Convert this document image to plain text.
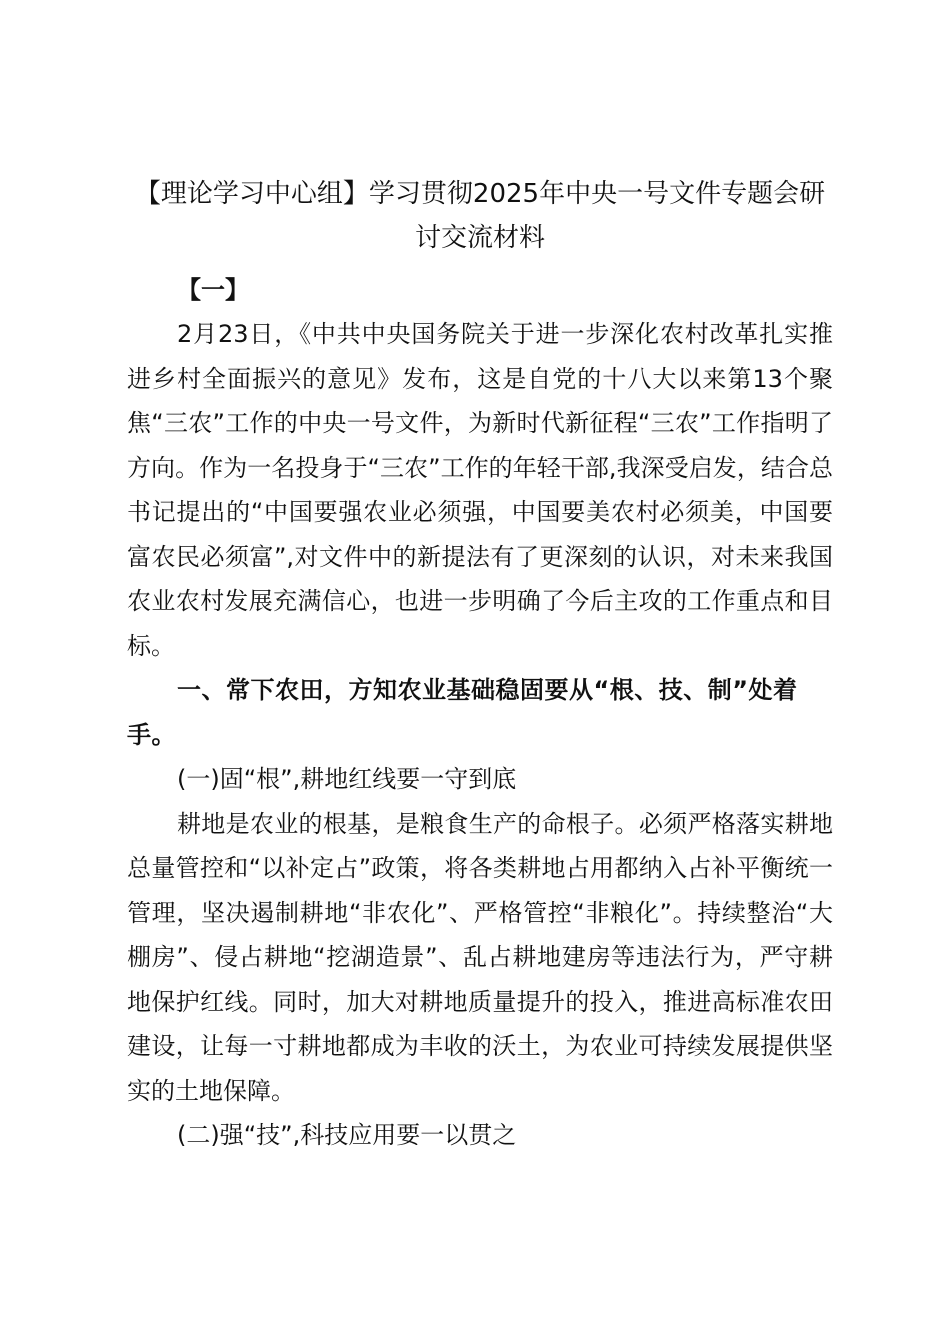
【理论学习中心组】学习贯彻2025年中央一号文件专题会研讨交流材料

【一】

2月23日，《中共中央国务院关于进一步深化农村改革扎实推进乡村全面振兴的意见》发布，这是自党的十八大以来第13个聚焦“三农”工作的中央一号文件，为新时代新征程“三农”工作指明了方向。作为一名投身于“三农”工作的年轻干部,我深受启发，结合总书记提出的“中国要强农业必须强，中国要美农村必须美，中国要富农民必须富”,对文件中的新提法有了更深刻的认识，对未来我国农业农村发展充满信心，也进一步明确了今后主攻的工作重点和目标。

一、常下农田，方知农业基础稳固要从“根、技、制”处着手。

(一)固“根”,耕地红线要一守到底

耕地是农业的根基，是粮食生产的命根子。必须严格落实耕地总量管控和“以补定占”政策，将各类耕地占用都纳入占补平衡统一管理，坚决遏制耕地“非农化”、严格管控“非粮化”。持续整治“大棚房”、侵占耕地“挖湖造景”、乱占耕地建房等违法行为，严守耕地保护红线。同时，加大对耕地质量提升的投入，推进高标准农田建设，让每一寸耕地都成为丰收的沃土，为农业可持续发展提供坚实的土地保障。

(二)强“技”,科技应用要一以贯之
